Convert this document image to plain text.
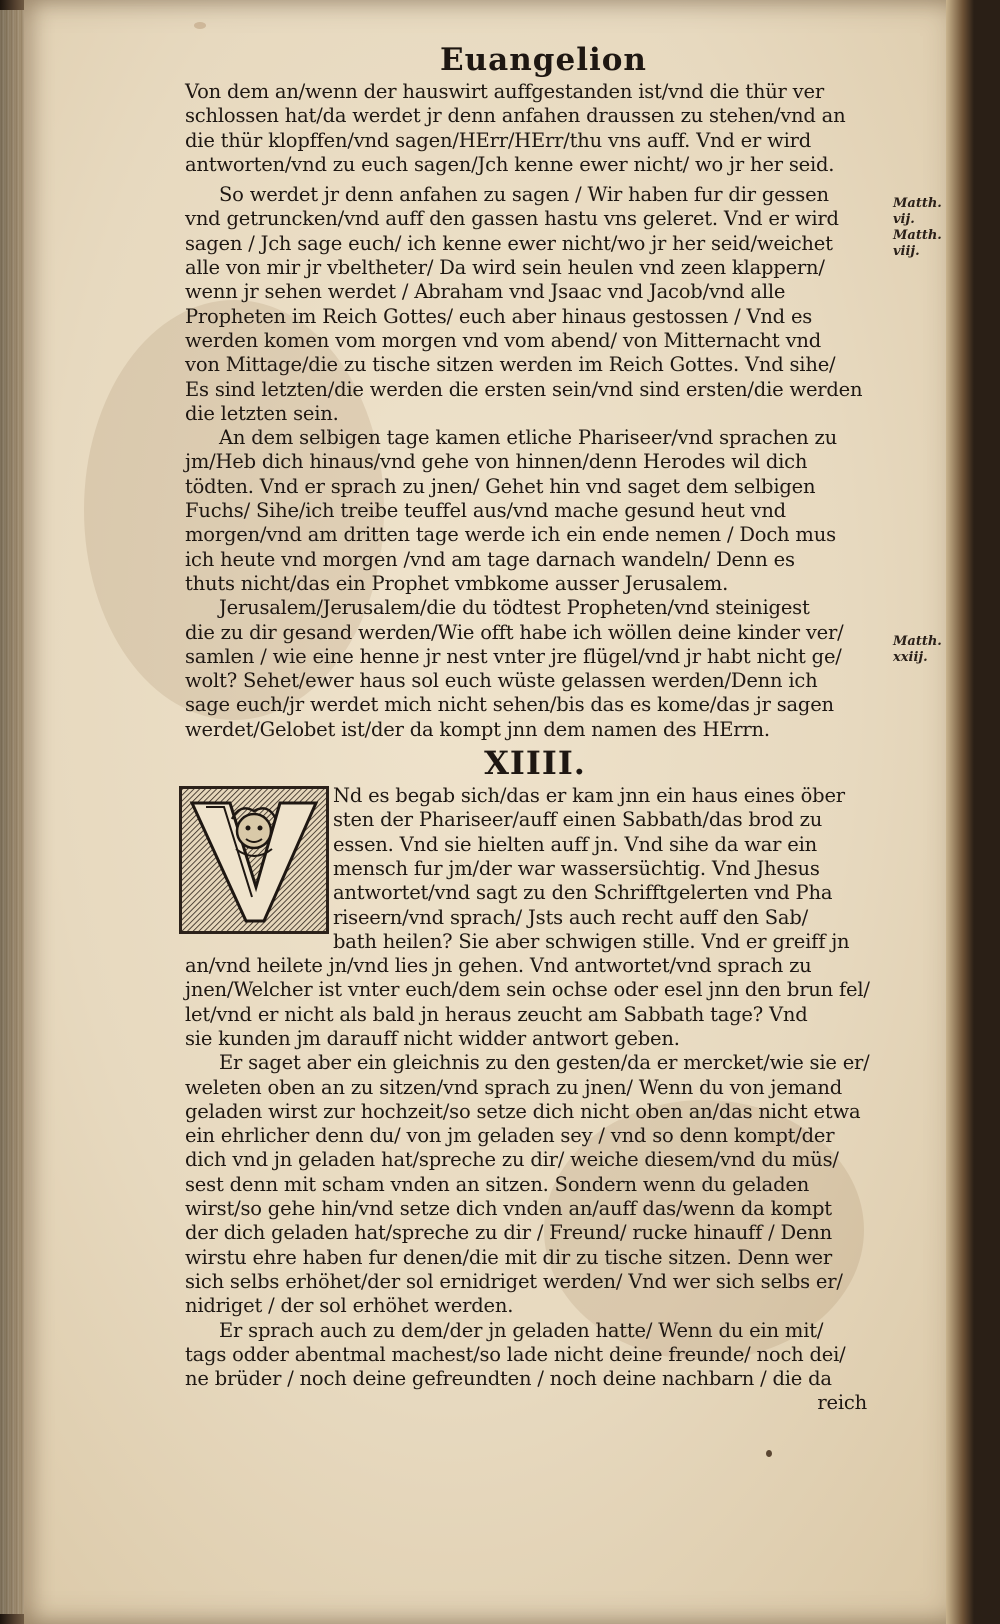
Euangelion
Matth.
vij.
Matth.
viij.
Matth.
xxiij.
Von dem an/wenn der hauswirt auffgestanden ist/vnd die thür ver
schlossen hat/da werdet jr denn anfahen draussen zu stehen/vnd an
die thür klopffen/vnd sagen/HErr/HErr/thu vns auff. Vnd er wird
antworten/vnd zu euch sagen/Jch kenne ewer nicht/ wo jr her seid.
So werdet jr denn anfahen zu sagen / Wir haben fur dir gessen
vnd getruncken/vnd auff den gassen hastu vns geleret. Vnd er wird
sagen / Jch sage euch/ ich kenne ewer nicht/wo jr her seid/weichet
alle von mir jr vbeltheter/ Da wird sein heulen vnd zeen klappern/
wenn jr sehen werdet / Abraham vnd Jsaac vnd Jacob/vnd alle
Propheten im Reich Gottes/ euch aber hinaus gestossen / Vnd es
werden komen vom morgen vnd vom abend/ von Mitternacht vnd
von Mittage/die zu tische sitzen werden im Reich Gottes. Vnd sihe/
Es sind letzten/die werden die ersten sein/vnd sind ersten/die werden
die letzten sein.
An dem selbigen tage kamen etliche Phariseer/vnd sprachen zu
jm/Heb dich hinaus/vnd gehe von hinnen/denn Herodes wil dich
tödten. Vnd er sprach zu jnen/ Gehet hin vnd saget dem selbigen
Fuchs/ Sihe/ich treibe teuffel aus/vnd mache gesund heut vnd
morgen/vnd am dritten tage werde ich ein ende nemen / Doch mus
ich heute vnd morgen /vnd am tage darnach wandeln/ Denn es
thuts nicht/das ein Prophet vmbkome ausser Jerusalem.
Jerusalem/Jerusalem/die du tödtest Propheten/vnd steinigest
die zu dir gesand werden/Wie offt habe ich wöllen deine kinder ver/
samlen / wie eine henne jr nest vnter jre flügel/vnd jr habt nicht ge/
wolt? Sehet/ewer haus sol euch wüste gelassen werden/Denn ich
sage euch/jr werdet mich nicht sehen/bis das es kome/das jr sagen
werdet/Gelobet ist/der da kompt jnn dem namen des HErrn.
XIIII.
Nd es begab sich/das er kam jnn ein haus eines öber
sten der Phariseer/auff einen Sabbath/das brod zu
essen. Vnd sie hielten auff jn. Vnd sihe da war ein
mensch fur jm/der war wassersüchtig. Vnd Jhesus
antwortet/vnd sagt zu den Schrifftgelerten vnd Pha
riseern/vnd sprach/ Jsts auch recht auff den Sab/
bath heilen? Sie aber schwigen stille. Vnd er greiff jn
an/vnd heilete jn/vnd lies jn gehen. Vnd antwortet/vnd sprach zu
jnen/Welcher ist vnter euch/dem sein ochse oder esel jnn den brun fel/
let/vnd er nicht als bald jn heraus zeucht am Sabbath tage? Vnd
sie kunden jm darauff nicht widder antwort geben.
Er saget aber ein gleichnis zu den gesten/da er mercket/wie sie er/
weleten oben an zu sitzen/vnd sprach zu jnen/ Wenn du von jemand
geladen wirst zur hochzeit/so setze dich nicht oben an/das nicht etwa
ein ehrlicher denn du/ von jm geladen sey / vnd so denn kompt/der
dich vnd jn geladen hat/spreche zu dir/ weiche diesem/vnd du müs/
sest denn mit scham vnden an sitzen. Sondern wenn du geladen
wirst/so gehe hin/vnd setze dich vnden an/auff das/wenn da kompt
der dich geladen hat/spreche zu dir / Freund/ rucke hinauff / Denn
wirstu ehre haben fur denen/die mit dir zu tische sitzen. Denn wer
sich selbs erhöhet/der sol ernidriget werden/ Vnd wer sich selbs er/
nidriget / der sol erhöhet werden.
Er sprach auch zu dem/der jn geladen hatte/ Wenn du ein mit/
tags odder abentmal machest/so lade nicht deine freunde/ noch dei/
ne brüder / noch deine gefreundten / noch deine nachbarn / die da
reich
